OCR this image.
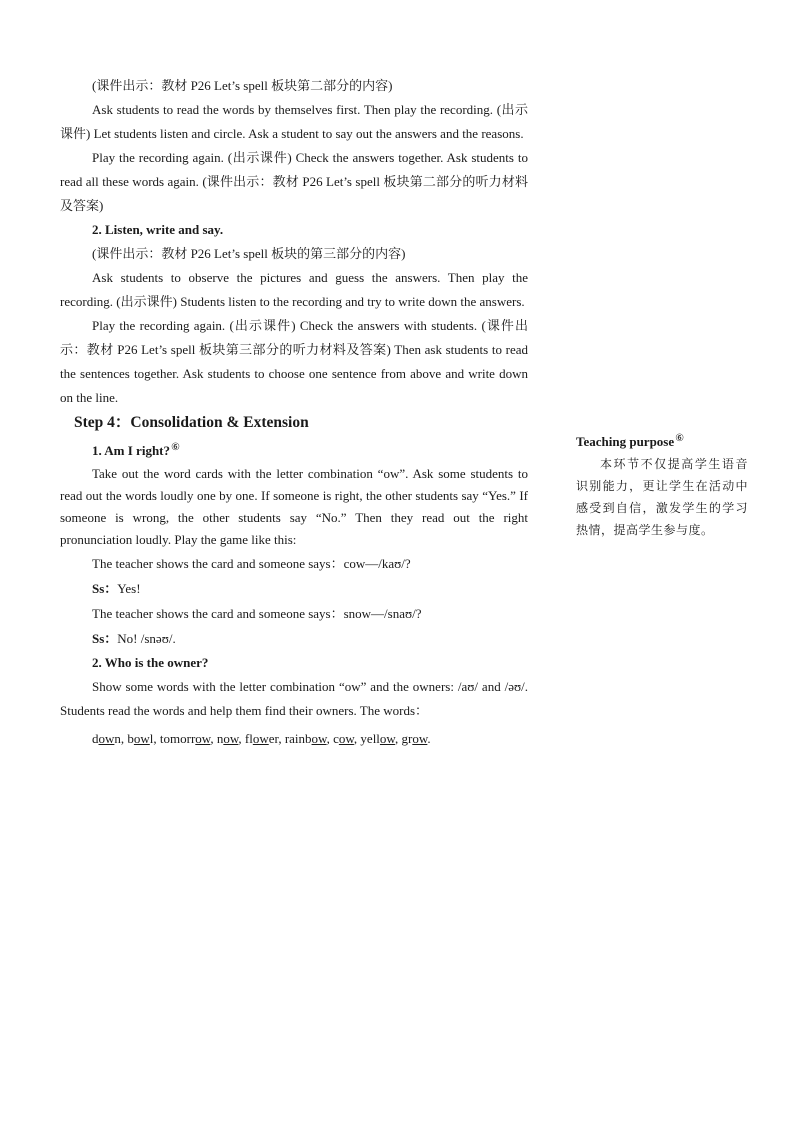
(课件出示：教材 P26 Let’s spell 板块第二部分的内容)

Ask students to read the words by themselves first. Then play the recording. (出示课件) Let students listen and circle. Ask a student to say out the answers and the reasons.

Play the recording again. (出示课件) Check the answers together. Ask students to read all these words again. (课件出示：教材 P26 Let’s spell 板块第二部分的听力材料及答案)

2. Listen, write and say.

(课件出示：教材 P26 Let’s spell 板块的第三部分的内容)

Ask students to observe the pictures and guess the answers. Then play the recording. (出示课件) Students listen to the recording and try to write down the answers.

Play the recording again. (出示课件) Check the answers with students. (课件出示：教材 P26 Let’s spell 板块第三部分的听力材料及答案) Then ask students to read the sentences together. Ask students to choose one sentence from above and write down on the line.

Step 4：Consolidation & Extension

1. Am I right?⑥

Take out the word cards with the letter combination “ow”. Ask some students to read out the words loudly one by one. If someone is right, the other students say “Yes.” If someone is wrong, the other students say “No.” Then they read out the right pronunciation loudly. Play the game like this:

The teacher shows the card and someone says：cow—/kaʊ/?

Ss：Yes!

The teacher shows the card and someone says：snow—/snaʊ/?

Ss：No! /snəʊ/.

2. Who is the owner?

Show some words with the letter combination “ow” and the owners: /aʊ/ and /əʊ/. Students read the words and help them find their owners. The words：

down, bowl, tomorrow, now, flower, rainbow, cow, yellow, grow.

Teaching purpose⑥

本环节不仅提高学生语音识别能力，更让学生在活动中感受到自信，激发学生的学习热情，提高学生参与度。
